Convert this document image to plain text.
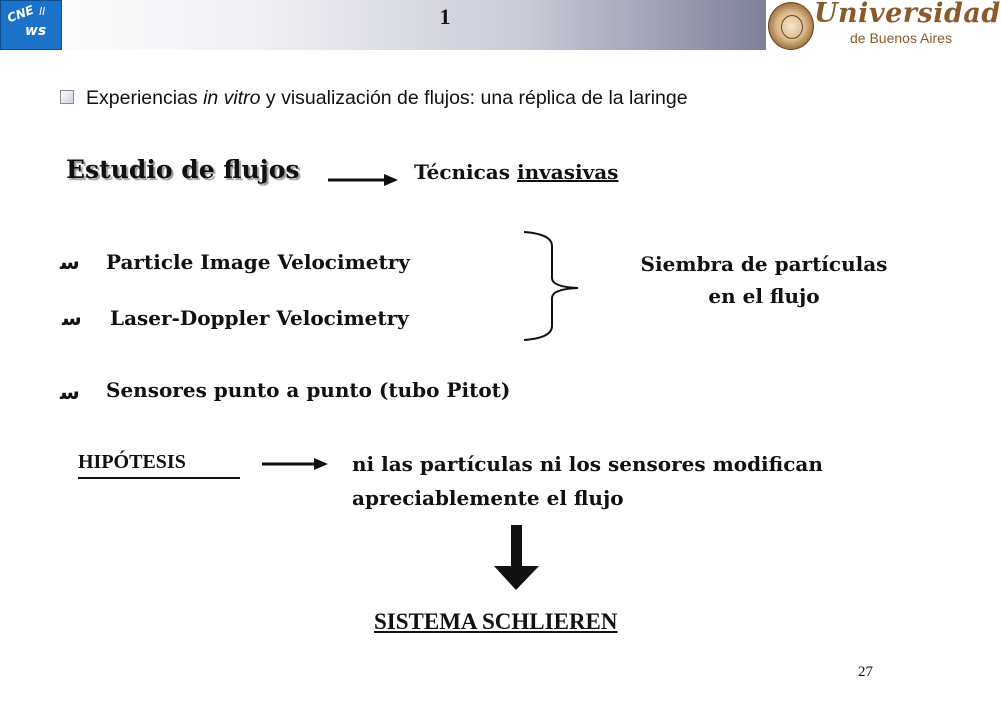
CNE
ws
ll	1	Universidad
de Buenos Aires
Experiencias in vitro y visualización de flujos: una réplica de la laringe
Estudio de flujos	Técnicas invasivas
ﺳ Particle Image Velocimetry
ﺳ Laser-Doppler Velocimetry
ﺳ Sensores punto a punto (tubo Pitot)
Siembra de partículas
en el flujo
HIPÓTESIS	ni las partículas ni los sensores modifican
apreciablemente el flujo
SISTEMA SCHLIEREN
27
